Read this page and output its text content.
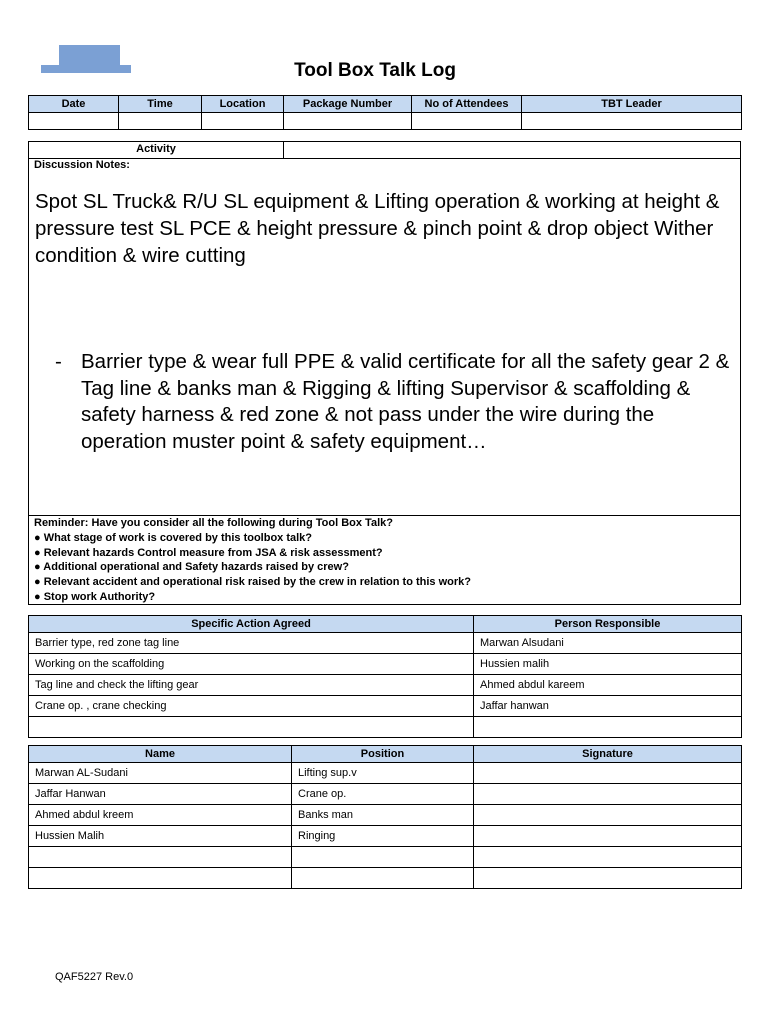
Tool Box Talk Log
Date	Time	Location	Package Number	No of Attendees	TBT Leader

Activity
Discussion Notes:
Spot SL Truck& R/U SL equipment & Lifting operation & working at height & pressure test SL PCE & height pressure & pinch point & drop object Wither condition & wire cutting
- Barrier type & wear full PPE & valid certificate for all the safety gear 2 & Tag line & banks man & Rigging & lifting Supervisor & scaffolding & safety harness & red zone & not pass under the wire during the operation muster point & safety equipment…
Reminder: Have you consider all the following during Tool Box Talk?
● What stage of work is covered by this toolbox talk?
● Relevant hazards Control measure from JSA & risk assessment?
● Additional operational and Safety hazards raised by crew?
● Relevant accident and operational risk raised by the crew in relation to this work?
● Stop work Authority?
Specific Action Agreed	Person Responsible
Barrier type, red zone tag line	Marwan Alsudani
Working on the scaffolding	Hussien malih
Tag line and check the lifting gear	Ahmed abdul kareem
Crane op. , crane checking	Jaffar hanwan

Name	Position	Signature
Marwan AL-Sudani	Lifting sup.v	
Jaffar Hanwan	Crane op.	
Ahmed abdul kreem	Banks man	
Hussien Malih	Ringing	

QAF5227 Rev.0
